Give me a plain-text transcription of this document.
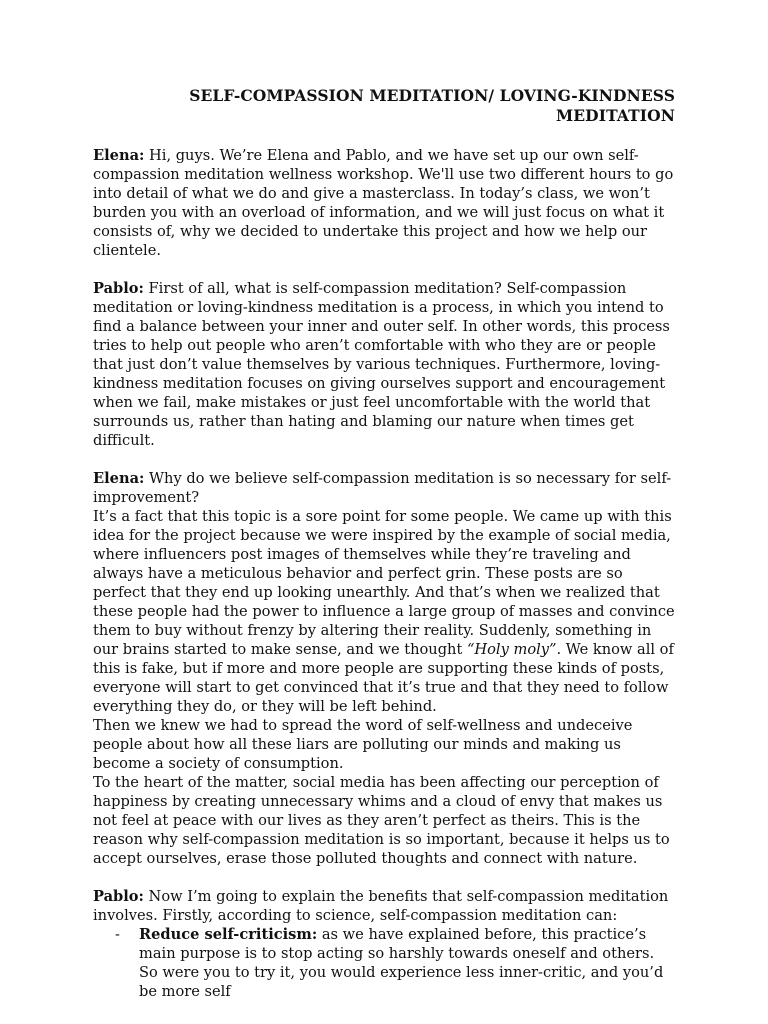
SELF-COMPASSION MEDITATION/ LOVING-KINDNESS
MEDITATION

Elena: Hi, guys. We’re Elena and Pablo, and we have set up our own self-compassion meditation wellness workshop. We'll use two different hours to go into detail of what we do and give a masterclass. In today’s class, we won’t burden you with an overload of information, and we will just focus on what it consists of, why we decided to undertake this project and how we help our clientele.

Pablo: First of all, what is self-compassion meditation? Self-compassion meditation or loving-kindness meditation is a process, in which you intend to find a balance between your inner and outer self. In other words, this process tries to help out people who aren’t comfortable with who they are or people that just don’t value themselves by various techniques. Furthermore, loving-kindness meditation focuses on giving ourselves support and encouragement when we fail, make mistakes or just feel uncomfortable with the world that surrounds us, rather than hating and blaming our nature when times get difficult.

Elena: Why do we believe self-compassion meditation is so necessary for self-improvement?

It’s a fact that this topic is a sore point for some people. We came up with this idea for the project because we were inspired by the example of social media, where influencers post images of themselves while they’re traveling and always have a meticulous behavior and perfect grin. These posts are so perfect that they end up looking unearthly. And that’s when we realized that these people had the power to influence a large group of masses and convince them to buy without frenzy by altering their reality. Suddenly, something in our brains started to make sense, and we thought “Holy moly”. We know all of this is fake, but if more and more people are supporting these kinds of posts, everyone will start to get convinced that it’s true and that they need to follow everything they do, or they will be left behind.

Then we knew we had to spread the word of self-wellness and undeceive people about how all these liars are polluting our minds and making us become a society of consumption.

To the heart of the matter, social media has been affecting our perception of happiness by creating unnecessary whims and a cloud of envy that makes us not feel at peace with our lives as they aren’t perfect as theirs. This is the reason why self-compassion meditation is so important, because it helps us to accept ourselves, erase those polluted thoughts and connect with nature.

Pablo: Now I’m going to explain the benefits that self-compassion meditation involves. Firstly, according to science, self-compassion meditation can:

- Reduce self-criticism: as we have explained before, this practice’s main purpose is to stop acting so harshly towards oneself and others. So were you to try it, you would experience less inner-critic, and you’d be more self
